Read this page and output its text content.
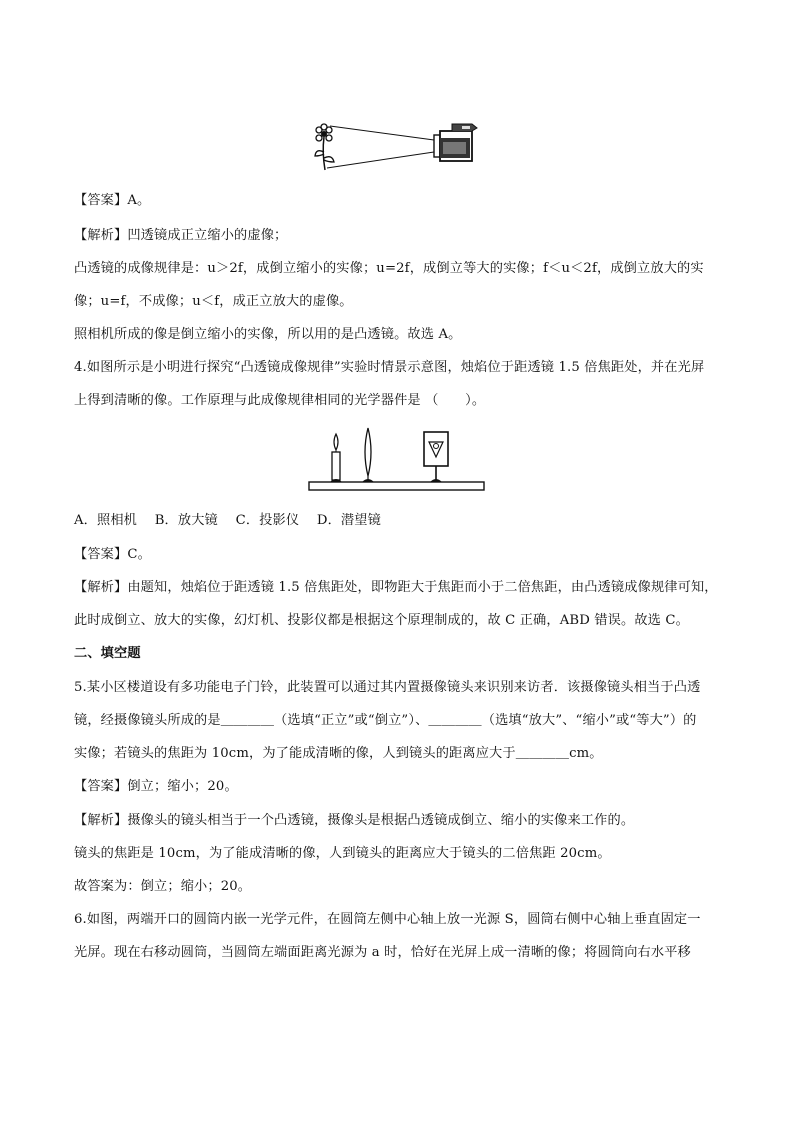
【答案】A。
【解析】凹透镜成正立缩小的虚像；
凸透镜的成像规律是：u＞2f，成倒立缩小的实像；u=2f，成倒立等大的实像；f＜u＜2f，成倒立放大的实
像；u=f，不成像；u＜f，成正立放大的虚像。
照相机所成的像是倒立缩小的实像，所以用的是凸透镜。故选 A。
4.如图所示是小明进行探究“凸透镜成像规律”实验时情景示意图，烛焰位于距透镜 1.5 倍焦距处，并在光屏
上得到清晰的像。工作原理与此成像规律相同的光学器件是 （　　）。
A．照相机　 B．放大镜　 C．投影仪　 D．潜望镜
【答案】C。
【解析】由题知，烛焰位于距透镜 1.5 倍焦距处，即物距大于焦距而小于二倍焦距，由凸透镜成像规律可知，
此时成倒立、放大的实像，幻灯机、投影仪都是根据这个原理制成的，故 C 正确，ABD 错误。故选 C。
二、填空题
5.某小区楼道设有多功能电子门铃，此装置可以通过其内置摄像镜头来识别来访者．该摄像镜头相当于凸透
镜，经摄像镜头所成的是＿＿＿＿（选填“正立”或“倒立”）、＿＿＿＿（选填“放大”、“缩小”或“等大”）的
实像；若镜头的焦距为 10cm，为了能成清晰的像，人到镜头的距离应大于＿＿＿＿cm。
【答案】倒立；缩小；20。
【解析】摄像头的镜头相当于一个凸透镜，摄像头是根据凸透镜成倒立、缩小的实像来工作的。
镜头的焦距是 10cm，为了能成清晰的像，人到镜头的距离应大于镜头的二倍焦距 20cm。
故答案为：倒立；缩小；20。
6.如图，两端开口的圆筒内嵌一光学元件，在圆筒左侧中心轴上放一光源 S，圆筒右侧中心轴上垂直固定一
光屏。现在右移动圆筒，当圆筒左端面距离光源为 a 时，恰好在光屏上成一清晰的像；将圆筒向右水平移
